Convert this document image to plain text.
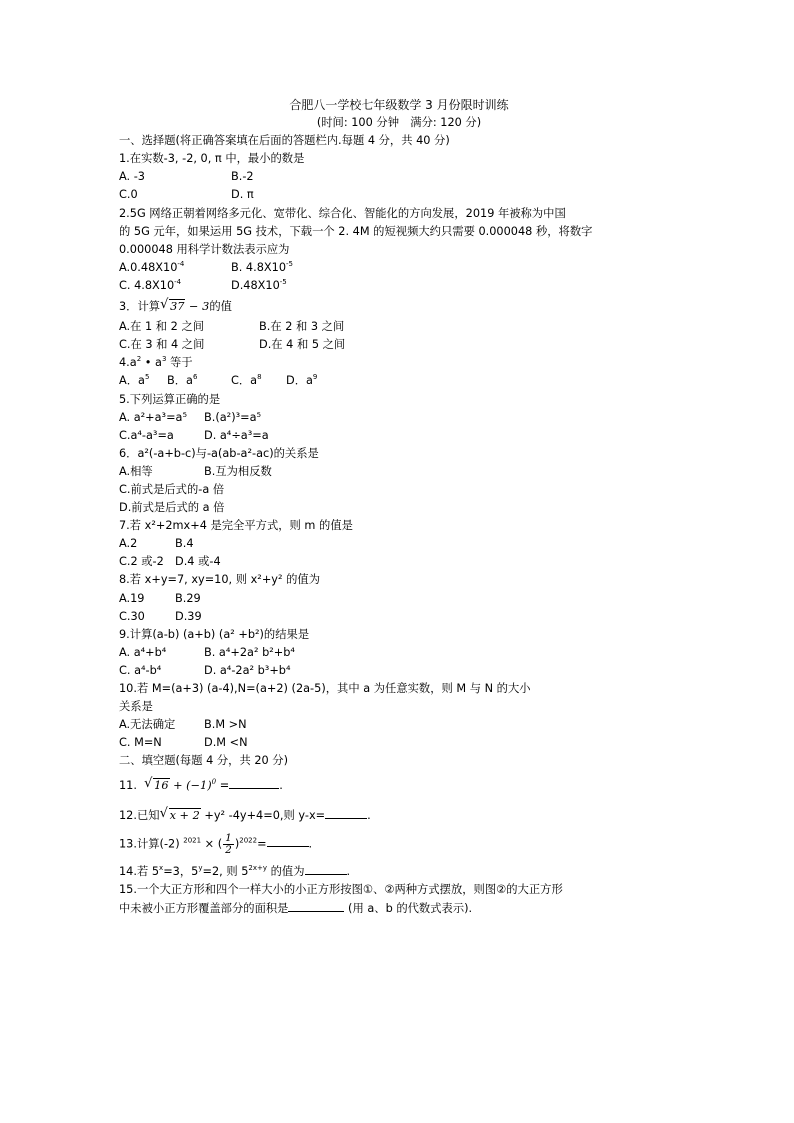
合肥八一学校七年级数学 3 月份限时训练
(时间: 100 分钟　满分: 120 分)
一、选择题(将正确答案填在后面的答题栏内.每题 4 分，共 40 分)
1.在实数-3, -2, 0, π 中，最小的数是
A. -3	B.-2
C.0	D. π
2.5G 网络正朝着网络多元化、宽带化、综合化、智能化的方向发展，2019 年被称为中国
的 5G 元年，如果运用 5G 技术，下载一个 2. 4M 的短视频大约只需要 0.000048 秒，将数字
0.000048 用科学计数法表示应为
$A.0.48X10^{-4}$	B. $4.8X10^{-5}$
C. $4.8X10^{-4}$	$D.48X10^{-5}$
3．计算 √ 37 − 3的值
A.在 1 和 2 之间	B.在 2 和 3 之间
C.在 3 和 4 之间	D.在 4 和 5 之间
$4.a^2$ • $a^3$ 等于
A．$a^5$	B．$a^6$	C．$a^8$	D．$a^9$
5.下列运算正确的是
A. a²+a³=a⁵	B.(a²)³=a⁵
C.a⁴-a³=a	D. a⁴÷a³=a
6．a²(-a+b-c)与-a(ab-a²-ac)的关系是
A.相等	B.互为相反数
C.前式是后式的-a 倍
D.前式是后式的 a 倍
7.若 x²+2mx+4 是完全平方式，则 m 的值是
A.2	B.4
C.2 或-2 D.4 或-4
8.若 x+y=7, xy=10, 则 x²+y² 的值为
A.19	B.29
C.30	D.39
9.计算(a-b) (a+b) (a² +b²)的结果是
A. a⁴+b⁴	B. a⁴+2a² b²+b⁴
C. a⁴-b⁴	D. a⁴-2a² b³+b⁴
10.若 M=(a+3) (a-4),N=(a+2) (2a-5)，其中 a 为任意实数，则 M 与 N 的大小
关系是
A.无法确定	B.M >N
C. M=N	D.M <N
二、填空题(每题 4 分，共 20 分)
11. √ $16 + (-1)^0$ =	.
12.已知 √ x + 2 +y² -4y+4=0,则 y-x=	.
13.计算(-2) $^{2021}$ × ( $\frac{1}{2} )^{2022}=$	.
14.若 $5^x=3$，$5^y=2$, 则 $5^{2x+y}$ 的值为	.
15.一个大正方形和四个一样大小的小正方形按图①、②两种方式摆放，则图②的大正方形
中未被小正方形覆盖部分的面积是	(用 a、b 的代数式表示).
